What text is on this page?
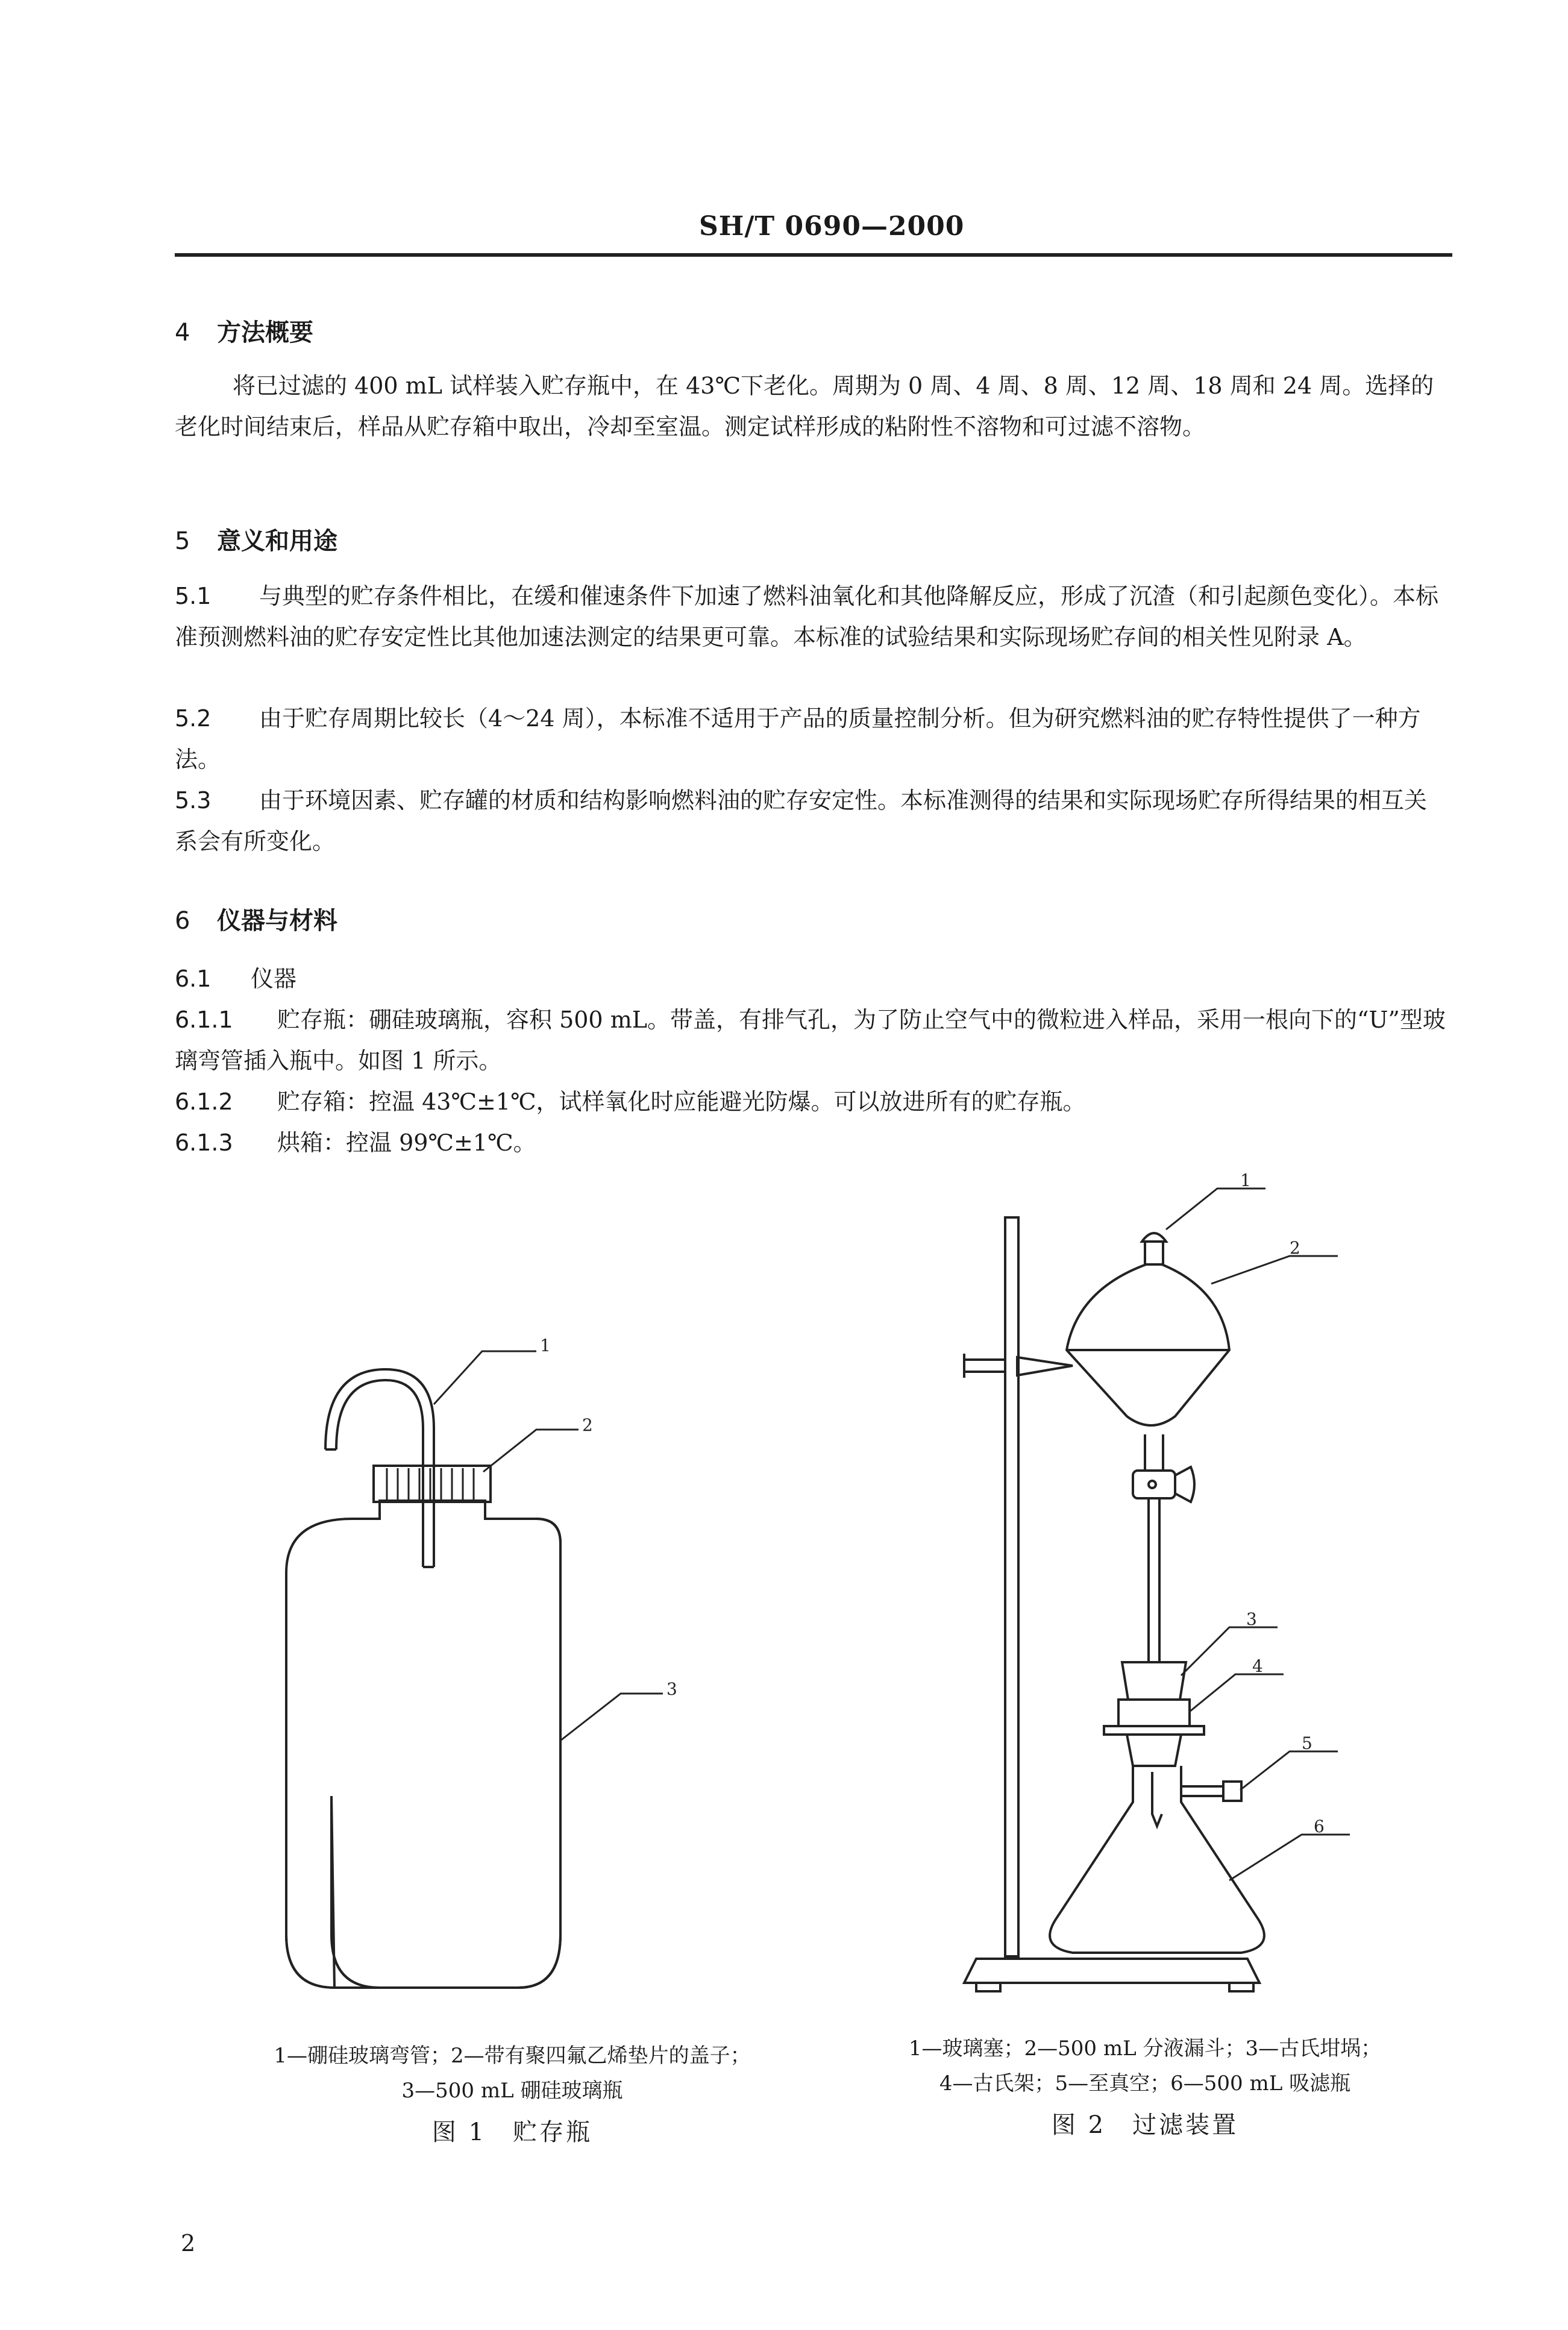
SH/T 0690—2000
4 方法概要
将已过滤的 400 mL 试样装入贮存瓶中，在 43℃下老化。周期为 0 周、4 周、8 周、12 周、18 周和 24 周。选择的老化时间结束后，样品从贮存箱中取出，冷却至室温。测定试样形成的粘附性不溶物和可过滤不溶物。
5 意义和用途
5.1 与典型的贮存条件相比，在缓和催速条件下加速了燃料油氧化和其他降解反应，形成了沉渣（和引起颜色变化）。本标准预测燃料油的贮存安定性比其他加速法测定的结果更可靠。本标准的试验结果和实际现场贮存间的相关性见附录 A。
5.2 由于贮存周期比较长（4～24 周），本标准不适用于产品的质量控制分析。但为研究燃料油的贮存特性提供了一种方法。
5.3 由于环境因素、贮存罐的材质和结构影响燃料油的贮存安定性。本标准测得的结果和实际现场贮存所得结果的相互关系会有所变化。
6 仪器与材料
6.1 仪器
6.1.1 贮存瓶：硼硅玻璃瓶，容积 500 mL。带盖，有排气孔，为了防止空气中的微粒进入样品，采用一根向下的“U”型玻璃弯管插入瓶中。如图 1 所示。
6.1.2 贮存箱：控温 43℃±1℃，试样氧化时应能避光防爆。可以放进所有的贮存瓶。
6.1.3 烘箱：控温 99℃±1℃。
1
2
3
1—硼硅玻璃弯管；2—带有聚四氟乙烯垫片的盖子；
3—500 mL 硼硅玻璃瓶
图 1　贮存瓶
1
2
3
4
5
6
1—玻璃塞；2—500 mL 分液漏斗；3—古氏坩埚；
4—古氏架；5—至真空；6—500 mL 吸滤瓶
图 2　过滤装置
2
